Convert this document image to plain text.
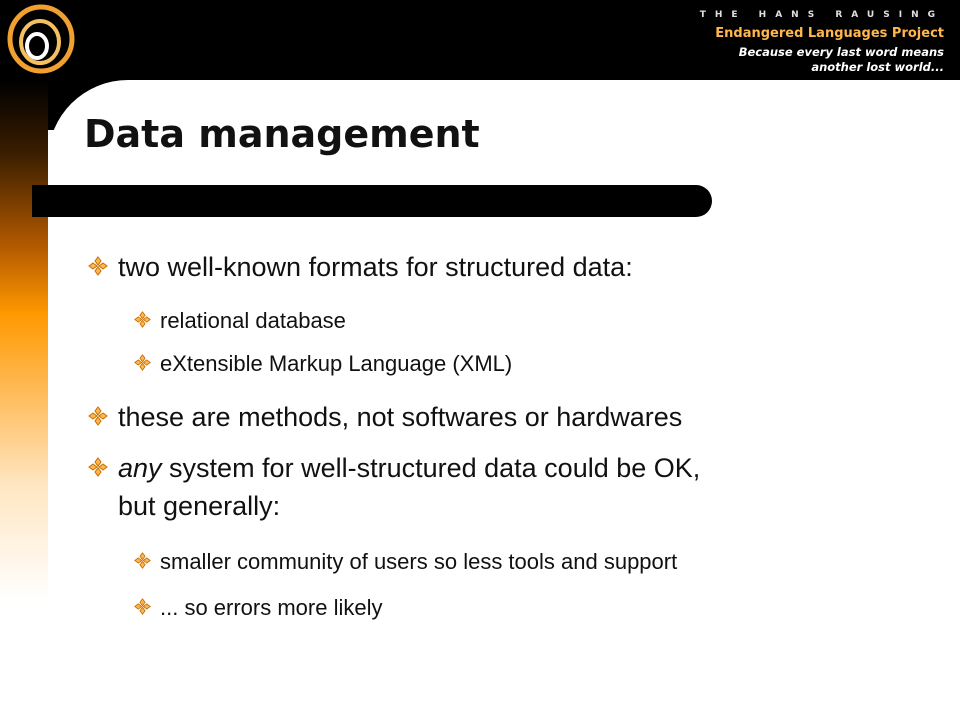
THE HANS RAUSING
Endangered Languages Project
Because every last word means
another lost world...
Data management
two well-known formats for structured data:
relational database
eXtensible Markup Language (XML)
these are methods, not softwares or hardwares
any system for well-structured data could be OK,
but generally:
smaller community of users so less tools and support
... so errors more likely
